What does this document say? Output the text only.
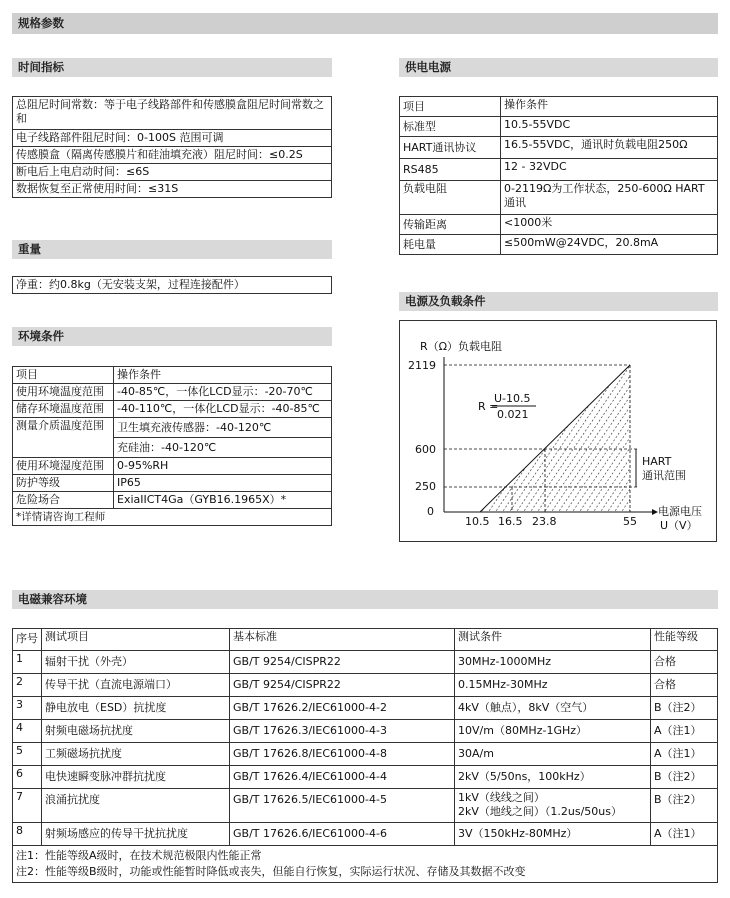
规格参数
时间指标
总阻尼时间常数：等于电子线路部件和传感膜盒阻尼时间常数之和
电子线路部件阻尼时间：0-100S 范围可调
传感膜盒（隔离传感膜片和硅油填充液）阻尼时间：≤0.2S
断电后上电启动时间：≤6S
数据恢复至正常使用时间：≤31S
重量
净重：约0.8kg（无安装支架，过程连接配件）
环境条件
项目	操作条件
使用环境温度范围	-40-85℃，一体化LCD显示：-20-70℃
储存环境温度范围	-40-110℃，一体化LCD显示：-40-85℃
测量介质温度范围	卫生填充液传感器：-40-120℃
	充硅油：-40-120℃
使用环境湿度范围	0-95%RH
防护等级	IP65
危险场合	ExiaIICT4Ga（GYB16.1965X）*
*详情请咨询工程师	
供电电源
项目	操作条件
标准型	10.5-55VDC
HART通讯协议	16.5-55VDC，通讯时负载电阻250Ω
RS485	12 - 32VDC
负载电阻	0-2119Ω为工作状态，250-600Ω HART通讯
传输距离	<1000米
耗电量	≤500mW@24VDC，20.8mA
电源及负载条件
R（Ω）负载电阻
2119
600
250
0
10.5 16.5 23.8	55
电源电压
U（V）
R =
U-10.5
0.021
HART
通讯范围
电磁兼容环境
序号	测试项目	基本标准	测试条件	性能等级
1	辐射干扰（外壳）	GB/T 9254/CISPR22	30MHz-1000MHz	合格
2	传导干扰（直流电源端口）	GB/T 9254/CISPR22	0.15MHz-30MHz	合格
3	静电放电（ESD）抗扰度	GB/T 17626.2/IEC61000-4-2	4kV（触点），8kV（空气）	B（注2）
4	射频电磁场抗扰度	GB/T 17626.3/IEC61000-4-3	10V/m（80MHz-1GHz）	A（注1）
5	工频磁场抗扰度	GB/T 17626.8/IEC61000-4-8	30A/m	A（注1）
6	电快速瞬变脉冲群抗扰度	GB/T 17626.4/IEC61000-4-4	2kV（5/50ns，100kHz）	B（注2）
7	浪涌抗扰度	GB/T 17626.5/IEC61000-4-5	1kV（线线之间）
2kV（地线之间）（1.2us/50us）	B（注2）
8	射频场感应的传导干扰抗扰度	GB/T 17626.6/IEC61000-4-6	3V（150kHz-80MHz）	A（注1）

注1：性能等级A级时，在技术规范极限内性能正常
注2：性能等级B级时，功能或性能暂时降低或丧失，但能自行恢复，实际运行状况、存储及其数据不改变				
